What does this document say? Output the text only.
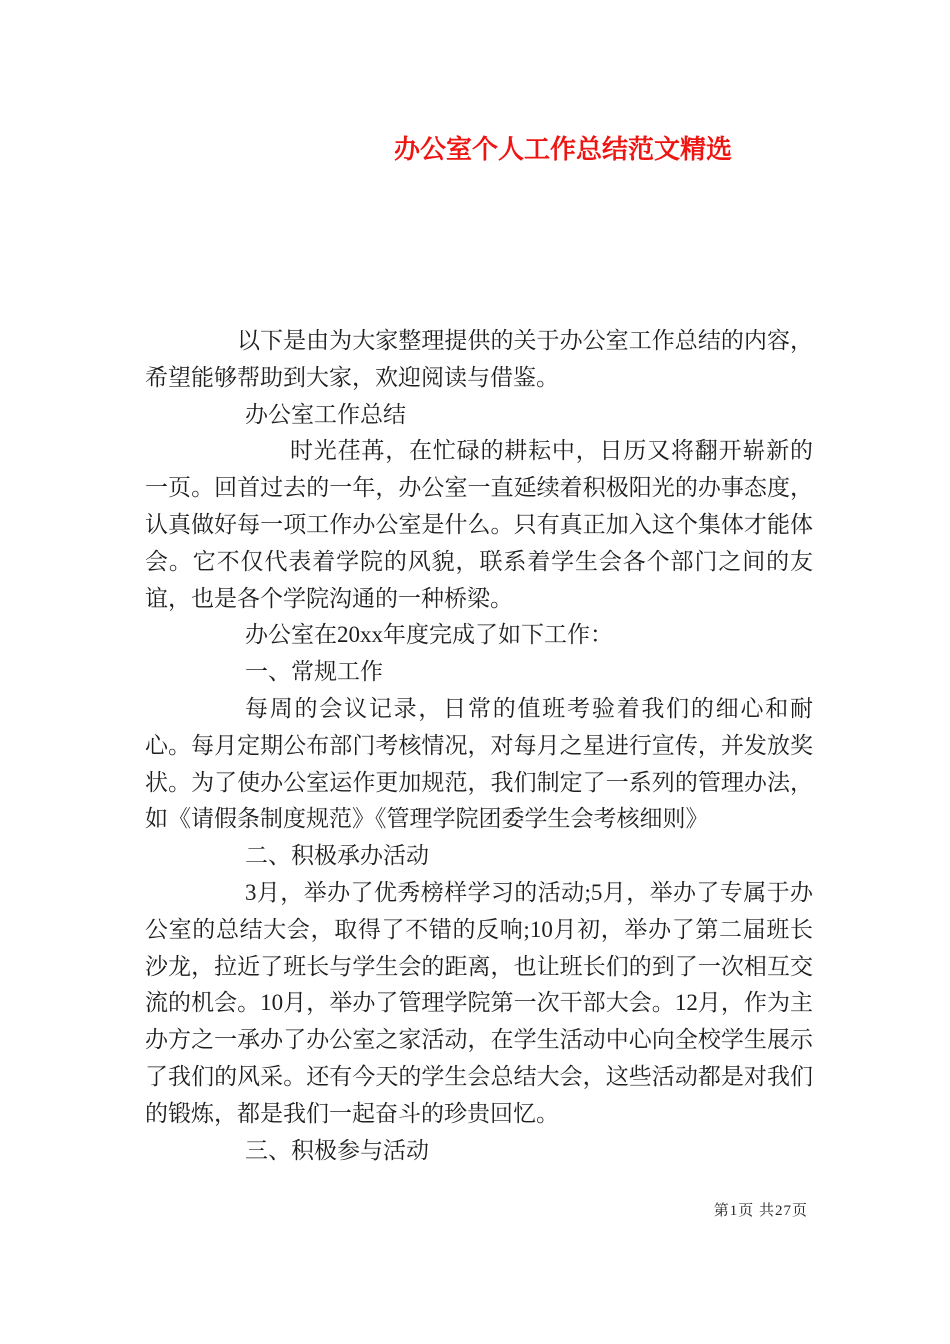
办公室个人工作总结范文精选

以下是由为大家整理提供的关于办公室工作总结的内容，希望能够帮助到大家，欢迎阅读与借鉴。

办公室工作总结

时光荏苒，在忙碌的耕耘中，日历又将翻开崭新的一页。回首过去的一年，办公室一直延续着积极阳光的办事态度，认真做好每一项工作办公室是什么。只有真正加入这个集体才能体会。它不仅代表着学院的风貌，联系着学生会各个部门之间的友谊，也是各个学院沟通的一种桥梁。

办公室在20xx年度完成了如下工作：

一、常规工作

每周的会议记录，日常的值班考验着我们的细心和耐心。每月定期公布部门考核情况，对每月之星进行宣传，并发放奖状。为了使办公室运作更加规范，我们制定了一系列的管理办法，如《请假条制度规范》《管理学院团委学生会考核细则》

二、积极承办活动

3月，举办了优秀榜样学习的活动;5月，举办了专属于办公室的总结大会，取得了不错的反响;10月初，举办了第二届班长沙龙，拉近了班长与学生会的距离，也让班长们的到了一次相互交流的机会。10月，举办了管理学院第一次干部大会。12月，作为主办方之一承办了办公室之家活动，在学生活动中心向全校学生展示了我们的风采。还有今天的学生会总结大会，这些活动都是对我们的锻炼，都是我们一起奋斗的珍贵回忆。

三、积极参与活动

第1页 共27页
